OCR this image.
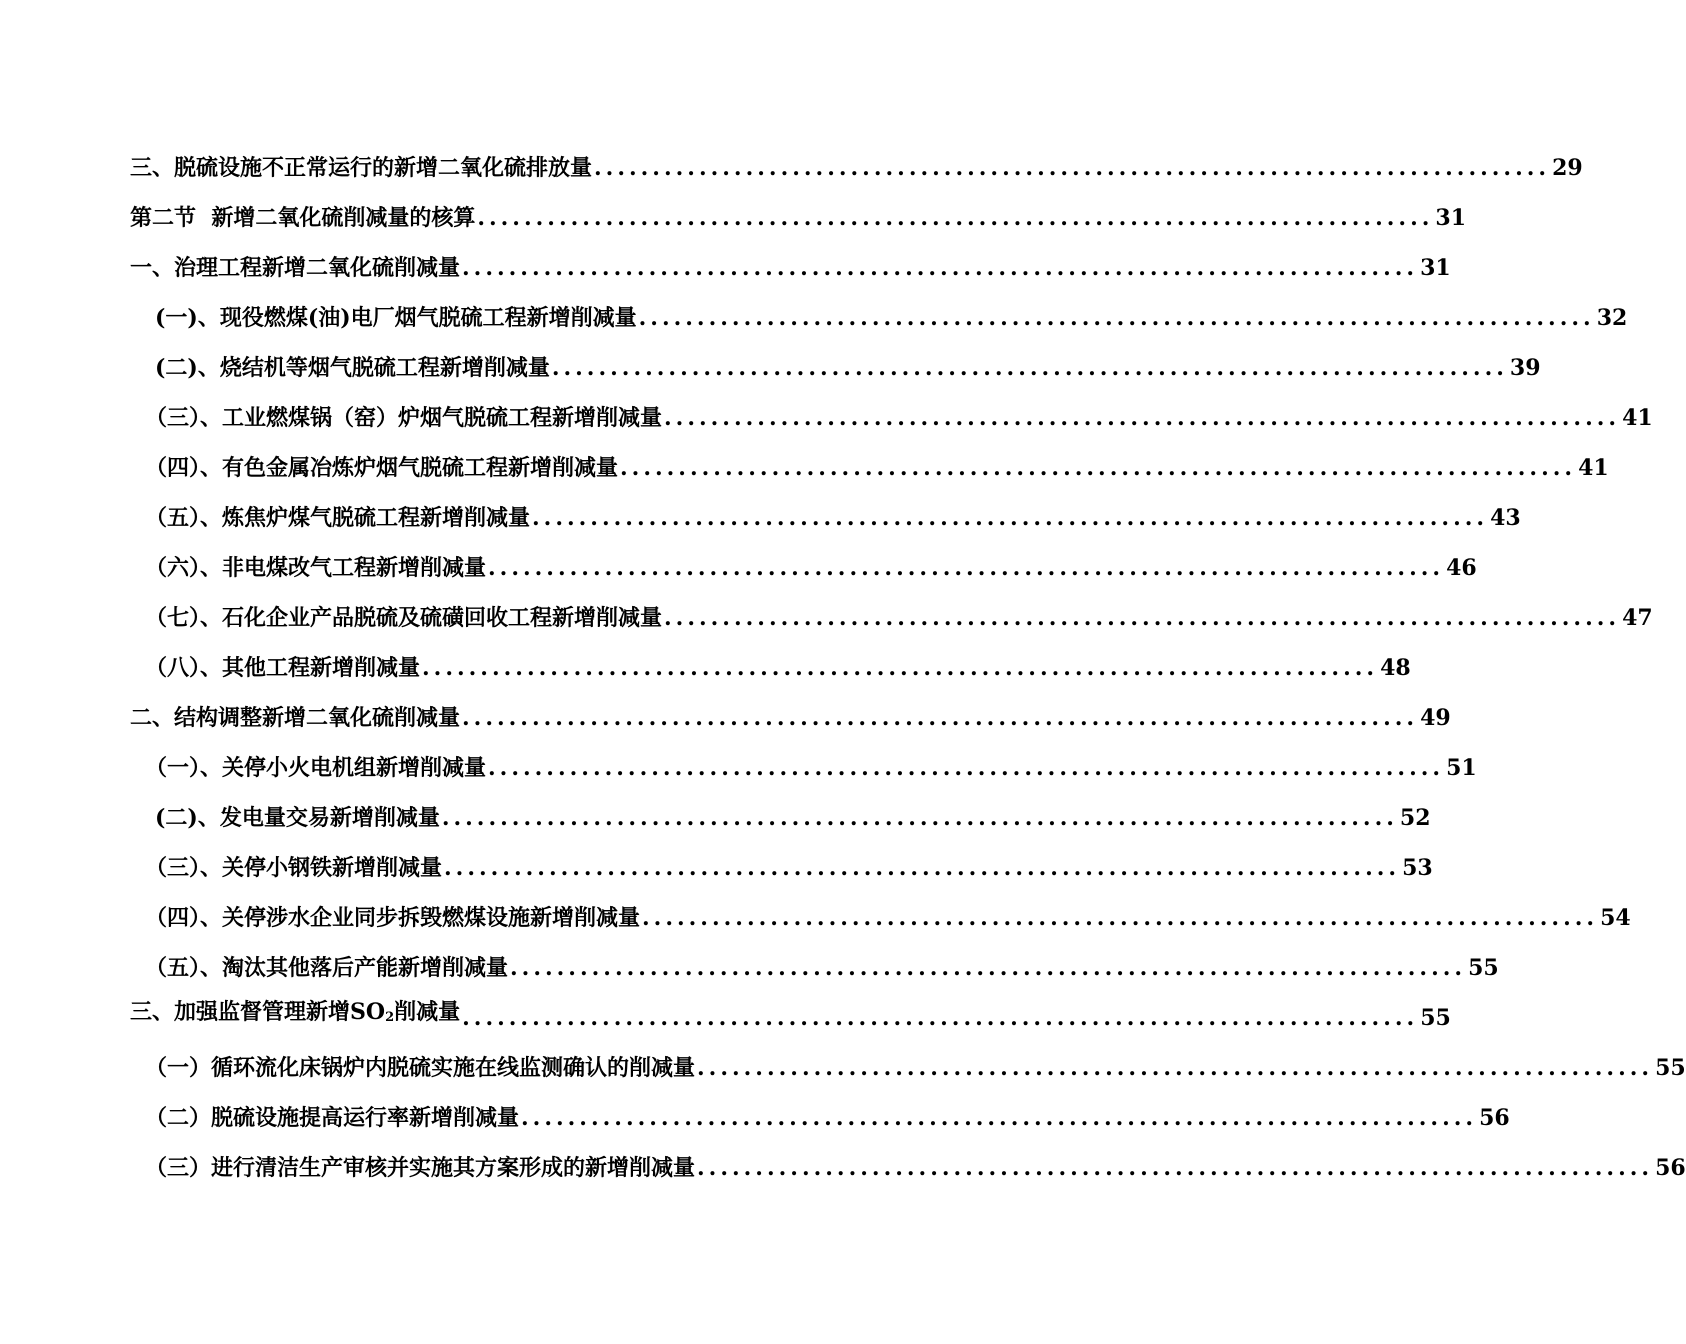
三、脱硫设施不正常运行的新增二氧化硫排放量 .................................................................................. 29
第二节  新增二氧化硫削减量的核算 .................................................................................. 31
一、治理工程新增二氧化硫削减量 .................................................................................. 31
(一)、现役燃煤(油)电厂烟气脱硫工程新增削减量 .................................................................................. 32
(二)、烧结机等烟气脱硫工程新增削减量 .................................................................................. 39
（三）、工业燃煤锅（窑）炉烟气脱硫工程新增削减量 .................................................................................. 41
（四）、有色金属冶炼炉烟气脱硫工程新增削减量 .................................................................................. 41
（五）、炼焦炉煤气脱硫工程新增削减量 .................................................................................. 43
（六）、非电煤改气工程新增削减量 .................................................................................. 46
（七）、石化企业产品脱硫及硫磺回收工程新增削减量 .................................................................................. 47
（八）、其他工程新增削减量 .................................................................................. 48
二、结构调整新增二氧化硫削减量 .................................................................................. 49
（一）、关停小火电机组新增削减量 .................................................................................. 51
(二)、发电量交易新增削减量 .................................................................................. 52
（三）、关停小钢铁新增削减量 .................................................................................. 53
（四）、关停涉水企业同步拆毁燃煤设施新增削减量 .................................................................................. 54
（五）、淘汰其他落后产能新增削减量 .................................................................................. 55
三、加强监督管理新增SO2削减量 .................................................................................. 55
（一）循环流化床锅炉内脱硫实施在线监测确认的削减量 .................................................................................. 55
（二）脱硫设施提高运行率新增削减量 .................................................................................. 56
（三）进行清洁生产审核并实施其方案形成的新增削减量 .................................................................................. 56
